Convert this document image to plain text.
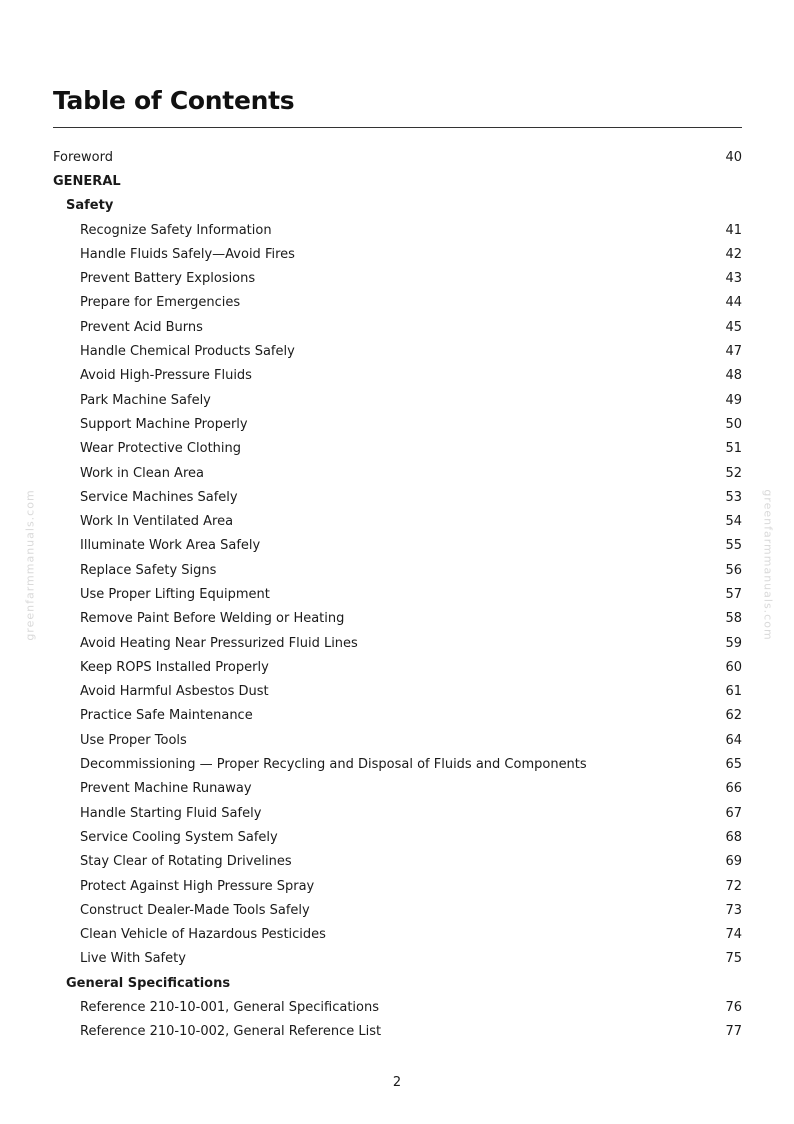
greenfarmmanuals.com	greenfarmmanuals.com
Table of Contents
Foreword	40
GENERAL
Safety
Recognize Safety Information	41
Handle Fluids Safely—Avoid Fires	42
Prevent Battery Explosions	43
Prepare for Emergencies	44
Prevent Acid Burns	45
Handle Chemical Products Safely	47
Avoid High-Pressure Fluids	48
Park Machine Safely	49
Support Machine Properly	50
Wear Protective Clothing	51
Work in Clean Area	52
Service Machines Safely	53
Work In Ventilated Area	54
Illuminate Work Area Safely	55
Replace Safety Signs	56
Use Proper Lifting Equipment	57
Remove Paint Before Welding or Heating	58
Avoid Heating Near Pressurized Fluid Lines	59
Keep ROPS Installed Properly	60
Avoid Harmful Asbestos Dust	61
Practice Safe Maintenance	62
Use Proper Tools	64
Decommissioning — Proper Recycling and Disposal of Fluids and Components	65
Prevent Machine Runaway	66
Handle Starting Fluid Safely	67
Service Cooling System Safely	68
Stay Clear of Rotating Drivelines	69
Protect Against High Pressure Spray	72
Construct Dealer-Made Tools Safely	73
Clean Vehicle of Hazardous Pesticides	74
Live With Safety	75
General Specifications
Reference 210-10-001, General Specifications	76
Reference 210-10-002, General Reference List	77
2
